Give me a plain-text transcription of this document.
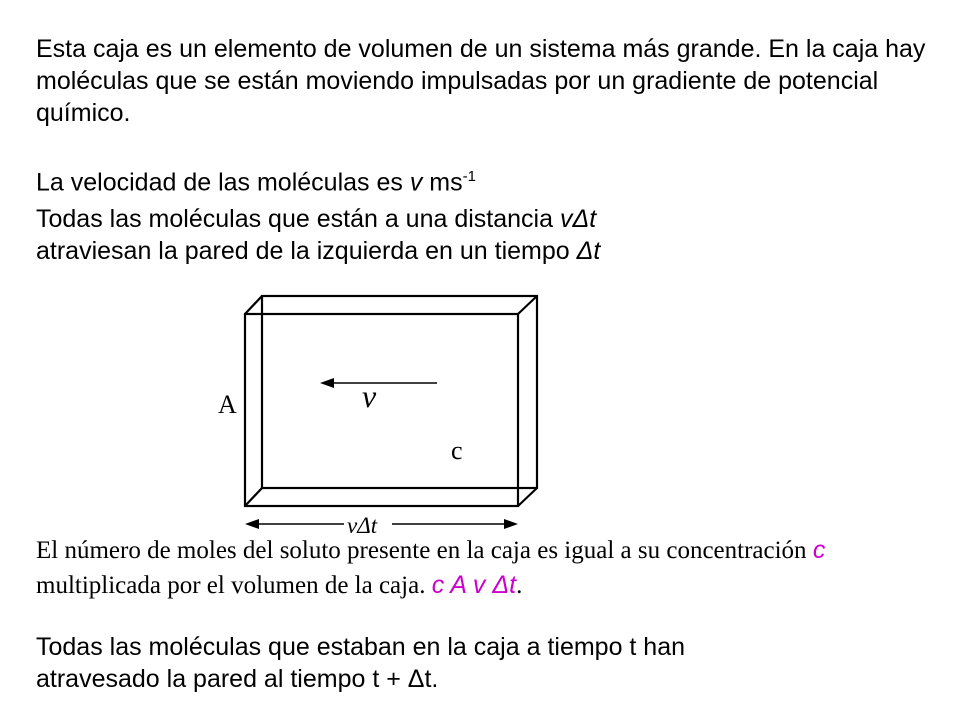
Esta caja es un elemento de volumen de un sistema más grande. En la caja hay moléculas que se están moviendo impulsadas por un gradiente de potencial químico.

La velocidad de las moléculas es v $ms^{-1}$

Todas las moléculas que están a una distancia vΔt
atraviesan la pared de la izquierda en un tiempo Δt

A	v
c
vΔt

El número de moles del soluto presente en la caja es igual a su concentración c multiplicada por el volumen de la caja. c A v Δt.

Todas las moléculas que estaban en la caja a tiempo t han
atravesado la pared al tiempo t + Δt.
